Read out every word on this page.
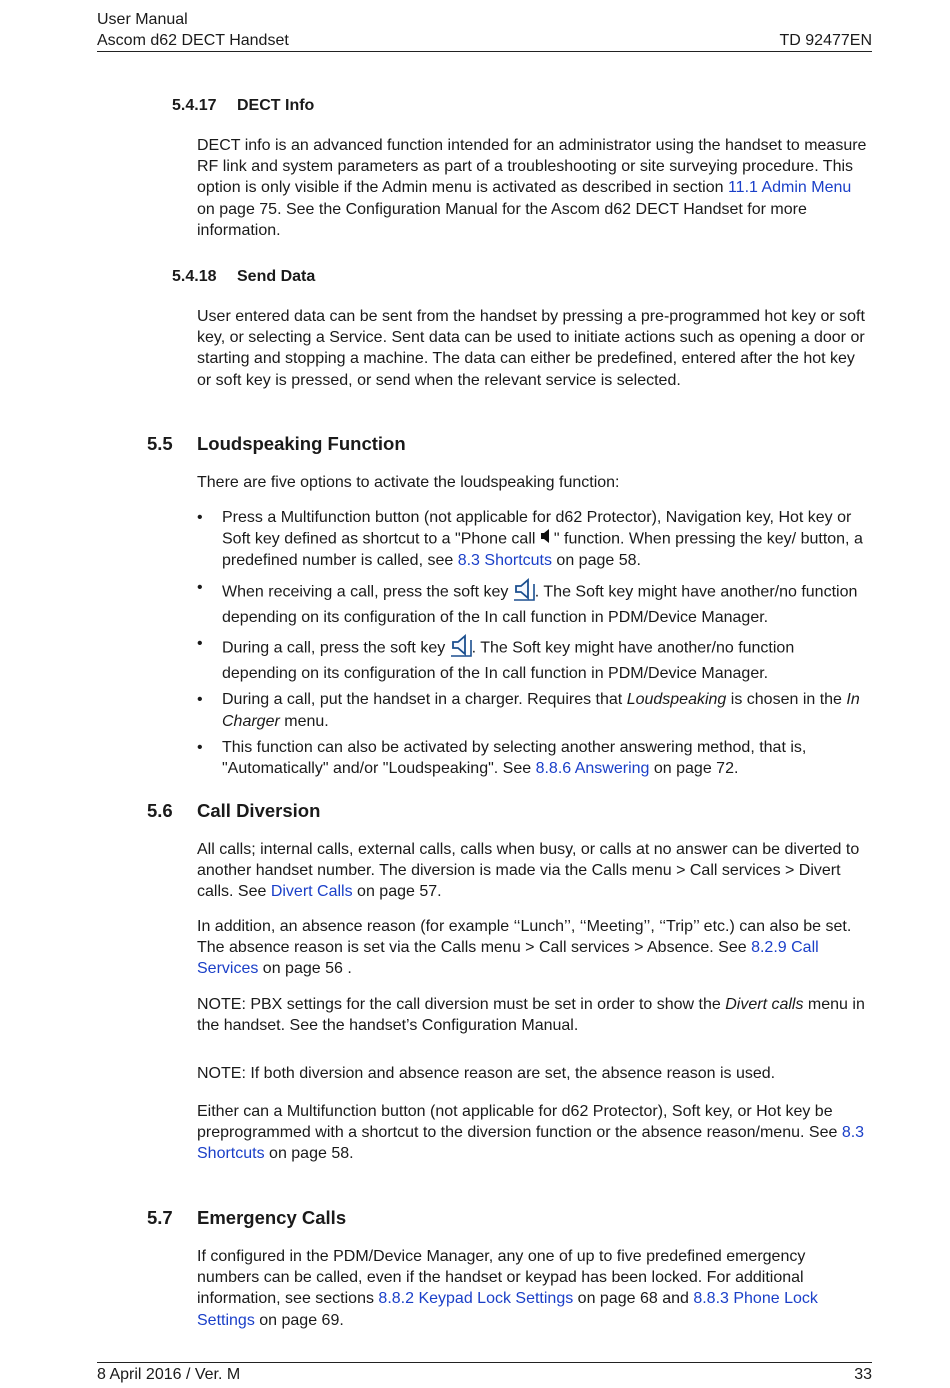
User Manual
Ascom d62 DECT Handset	TD 92477EN
5.4.17 DECT Info
DECT info is an advanced function intended for an administrator using the handset to measure RF link and system parameters as part of a troubleshooting or site surveying procedure. This option is only visible if the Admin menu is activated as described in section 11.1 Admin Menu on page 75. See the Configuration Manual for the Ascom d62 DECT Handset for more information.
5.4.18 Send Data
User entered data can be sent from the handset by pressing a pre-programmed hot key or soft key, or selecting a Service. Sent data can be used to initiate actions such as opening a door or starting and stopping a machine. The data can either be predefined, entered after the hot key or soft key is pressed, or send when the relevant service is selected.
5.5 Loudspeaking Function
There are five options to activate the loudspeaking function:
• Press a Multifunction button (not applicable for d62 Protector), Navigation key, Hot key or Soft key defined as shortcut to a "Phone call " function. When pressing the key/ button, a predefined number is called, see 8.3 Shortcuts on page 58.
• When receiving a call, press the soft key . The Soft key might have another/no function depending on its configuration of the In call function in PDM/Device Manager.
• During a call, press the soft key . The Soft key might have another/no function depending on its configuration of the In call function in PDM/Device Manager.
• During a call, put the handset in a charger. Requires that Loudspeaking is chosen in the In Charger menu.
• This function can also be activated by selecting another answering method, that is, "Automatically" and/or "Loudspeaking". See 8.8.6 Answering on page 72.
5.6 Call Diversion
All calls; internal calls, external calls, calls when busy, or calls at no answer can be diverted to another handset number. The diversion is made via the Calls menu > Call services > Divert calls. See Divert Calls on page 57.
In addition, an absence reason (for example ‘‘Lunch’’, ‘‘Meeting’’, ‘‘Trip’’ etc.) can also be set. The absence reason is set via the Calls menu > Call services > Absence. See 8.2.9 Call Services on page 56 .
NOTE: PBX settings for the call diversion must be set in order to show the Divert calls menu in the handset. See the handset’s Configuration Manual.
NOTE: If both diversion and absence reason are set, the absence reason is used.
Either can a Multifunction button (not applicable for d62 Protector), Soft key, or Hot key be preprogrammed with a shortcut to the diversion function or the absence reason/menu. See 8.3 Shortcuts on page 58.
5.7 Emergency Calls
If configured in the PDM/Device Manager, any one of up to five predefined emergency numbers can be called, even if the handset or keypad has been locked. For additional information, see sections 8.8.2 Keypad Lock Settings on page 68 and 8.8.3 Phone Lock Settings on page 69.
8 April 2016 / Ver. M	33
